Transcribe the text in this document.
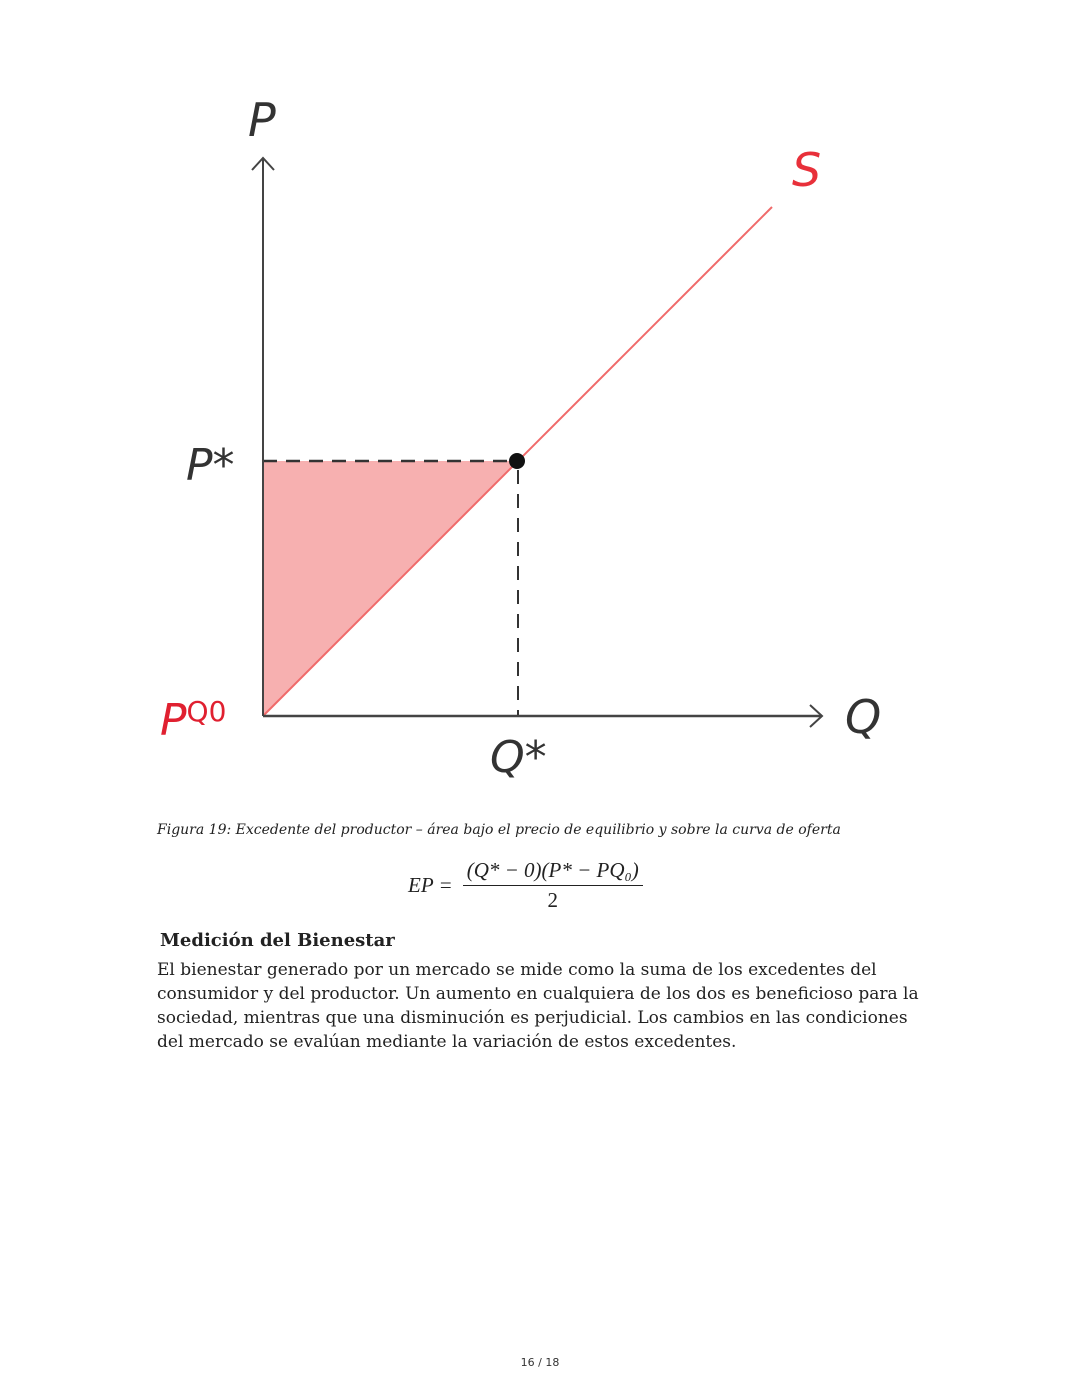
P
S
P*
Q*
Q
$P^{Q0}$
Figura 19: Excedente del productor – área bajo el precio de equilibrio y sobre la curva de oferta
EP = $\frac{\text{(Q* − 0)(P* − PQ₀)}}{2}$
Medición del Bienestar
El bienestar generado por un mercado se mide como la suma de los excedentes del consumidor y del productor. Un aumento en cualquiera de los dos es beneficioso para la sociedad, mientras que una disminución es perjudicial. Los cambios en las condiciones del mercado se evalúan mediante la variación de estos excedentes.
16 / 18
